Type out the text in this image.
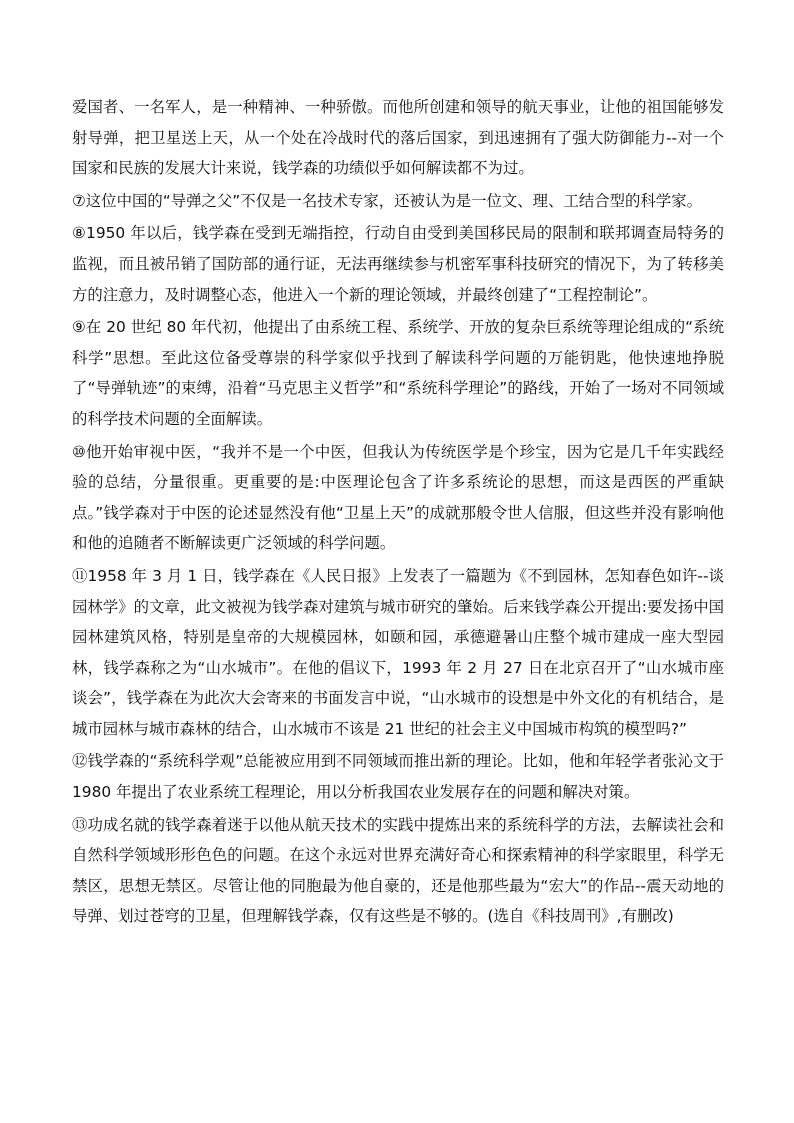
爱国者、一名军人，是一种精神、一种骄傲。而他所创建和领导的航天事业，让他的祖国能够发射导弹，把卫星送上天，从一个处在冷战时代的落后国家，到迅速拥有了强大防御能力--对一个国家和民族的发展大计来说，钱学森的功绩似乎如何解读都不为过。

⑦这位中国的“导弹之父”不仅是一名技术专家，还被认为是一位文、理、工结合型的科学家。

⑧1950 年以后，钱学森在受到无端指控，行动自由受到美国移民局的限制和联邦调查局特务的监视，而且被吊销了国防部的通行证，无法再继续参与机密军事科技研究的情况下，为了转移美方的注意力，及时调整心态，他进入一个新的理论领域，并最终创建了“工程控制论”。

⑨在 20 世纪 80 年代初，他提出了由系统工程、系统学、开放的复杂巨系统等理论组成的“系统科学”思想。至此这位备受尊崇的科学家似乎找到了解读科学问题的万能钥匙，他快速地挣脱了“导弹轨迹”的束缚，沿着“马克思主义哲学”和“系统科学理论”的路线，开始了一场对不同领域的科学技术问题的全面解读。

⑩他开始审视中医，“我并不是一个中医，但我认为传统医学是个珍宝，因为它是几千年实践经验的总结，分量很重。更重要的是:中医理论包含了许多系统论的思想，而这是西医的严重缺点。”钱学森对于中医的论述显然没有他“卫星上天”的成就那般令世人信服，但这些并没有影响他和他的追随者不断解读更广泛领域的科学问题。

⑪1958 年 3 月 1 日，钱学森在《人民日报》上发表了一篇题为《不到园林，怎知春色如许--谈园林学》的文章，此文被视为钱学森对建筑与城市研究的肇始。后来钱学森公开提出:要发扬中国园林建筑风格，特别是皇帝的大规模园林，如颐和园，承德避暑山庄整个城市建成一座大型园林，钱学森称之为“山水城市”。在他的倡议下，1993 年 2 月 27 日在北京召开了“山水城市座谈会”，钱学森在为此次大会寄来的书面发言中说，“山水城市的设想是中外文化的有机结合，是城市园林与城市森林的结合，山水城市不该是 21 世纪的社会主义中国城市构筑的模型吗?”

⑫钱学森的“系统科学观”总能被应用到不同领域而推出新的理论。比如，他和年轻学者张沁文于 1980 年提出了农业系统工程理论，用以分析我国农业发展存在的问题和解决对策。

⑬功成名就的钱学森着迷于以他从航天技术的实践中提炼出来的系统科学的方法，去解读社会和自然科学领域形形色色的问题。在这个永远对世界充满好奇心和探索精神的科学家眼里，科学无禁区，思想无禁区。尽管让他的同胞最为他自豪的，还是他那些最为“宏大”的作品--震天动地的导弹、划过苍穹的卫星，但理解钱学森，仅有这些是不够的。(选自《科技周刊》,有删改)
